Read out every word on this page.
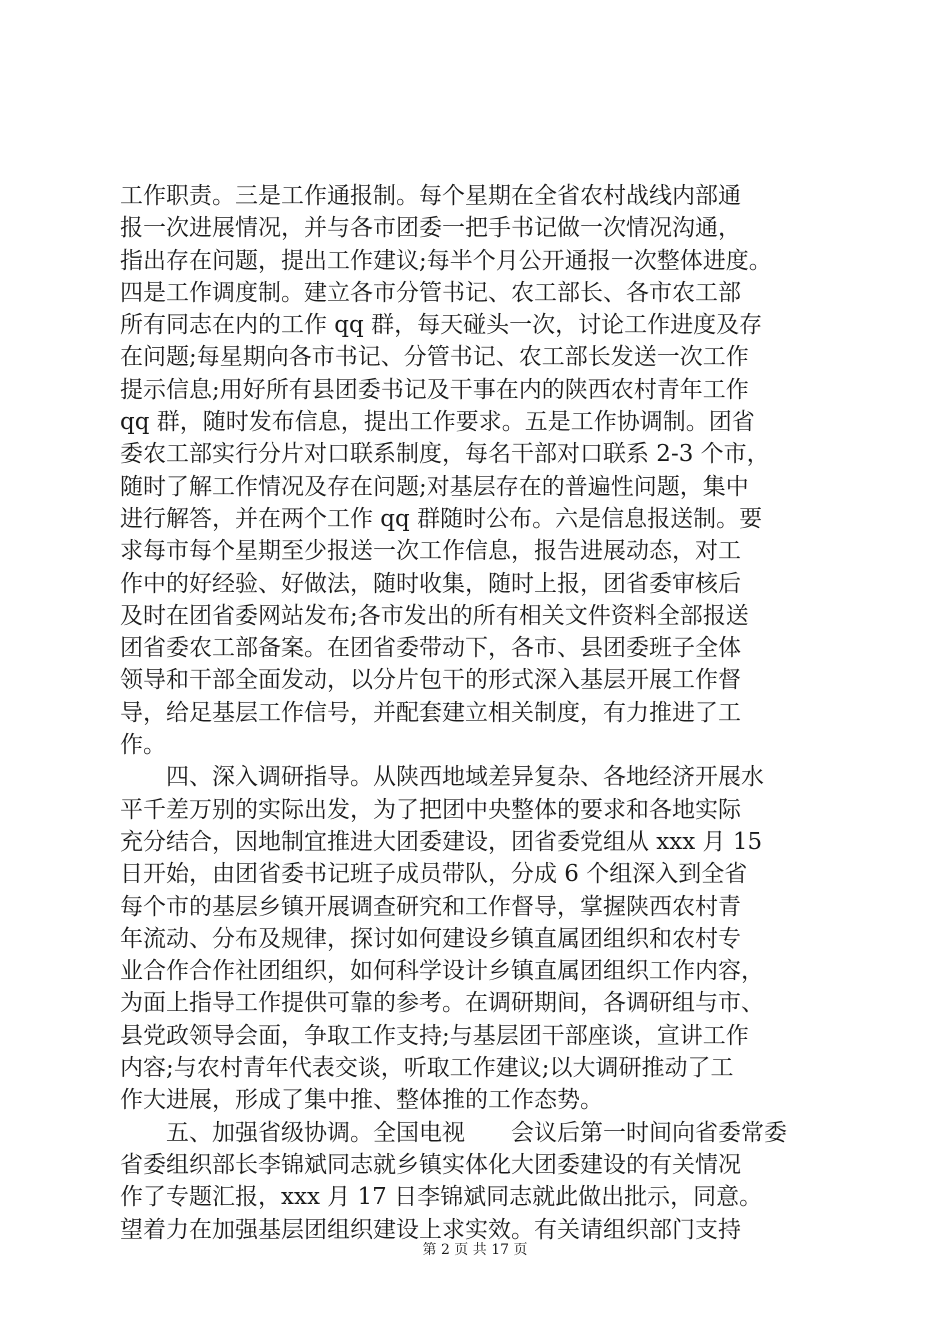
工作职责。三是工作通报制。每个星期在全省农村战线内部通
报一次进展情况，并与各市团委一把手书记做一次情况沟通，
指出存在问题，提出工作建议;每半个月公开通报一次整体进度。
四是工作调度制。建立各市分管书记、农工部长、各市农工部
所有同志在内的工作 qq 群，每天碰头一次，讨论工作进度及存
在问题;每星期向各市书记、分管书记、农工部长发送一次工作
提示信息;用好所有县团委书记及干事在内的陕西农村青年工作
qq 群，随时发布信息，提出工作要求。五是工作协调制。团省
委农工部实行分片对口联系制度，每名干部对口联系 2-3 个市，
随时了解工作情况及存在问题;对基层存在的普遍性问题，集中
进行解答，并在两个工作 qq 群随时公布。六是信息报送制。要
求每市每个星期至少报送一次工作信息，报告进展动态，对工
作中的好经验、好做法，随时收集，随时上报，团省委审核后
及时在团省委网站发布;各市发出的所有相关文件资料全部报送
团省委农工部备案。在团省委带动下，各市、县团委班子全体
领导和干部全面发动，以分片包干的形式深入基层开展工作督
导，给足基层工作信号，并配套建立相关制度，有力推进了工
作。
四、深入调研指导。从陕西地域差异复杂、各地经济开展水
平千差万别的实际出发，为了把团中央整体的要求和各地实际
充分结合，因地制宜推进大团委建设，团省委党组从 xxx 月 15
日开始，由团省委书记班子成员带队，分成 6 个组深入到全省
每个市的基层乡镇开展调查研究和工作督导，掌握陕西农村青
年流动、分布及规律，探讨如何建设乡镇直属团组织和农村专
业合作合作社团组织，如何科学设计乡镇直属团组织工作内容，
为面上指导工作提供可靠的参考。在调研期间，各调研组与市、
县党政领导会面，争取工作支持;与基层团干部座谈，宣讲工作
内容;与农村青年代表交谈，听取工作建议;以大调研推动了工
作大进展，形成了集中推、整体推的工作态势。
五、加强省级协调。全国电视　　会议后第一时间向省委常委
省委组织部长李锦斌同志就乡镇实体化大团委建设的有关情况
作了专题汇报，xxx 月 17 日李锦斌同志就此做出批示，同意。
望着力在加强基层团组织建设上求实效。有关请组织部门支持
第 2 页 共 17 页
